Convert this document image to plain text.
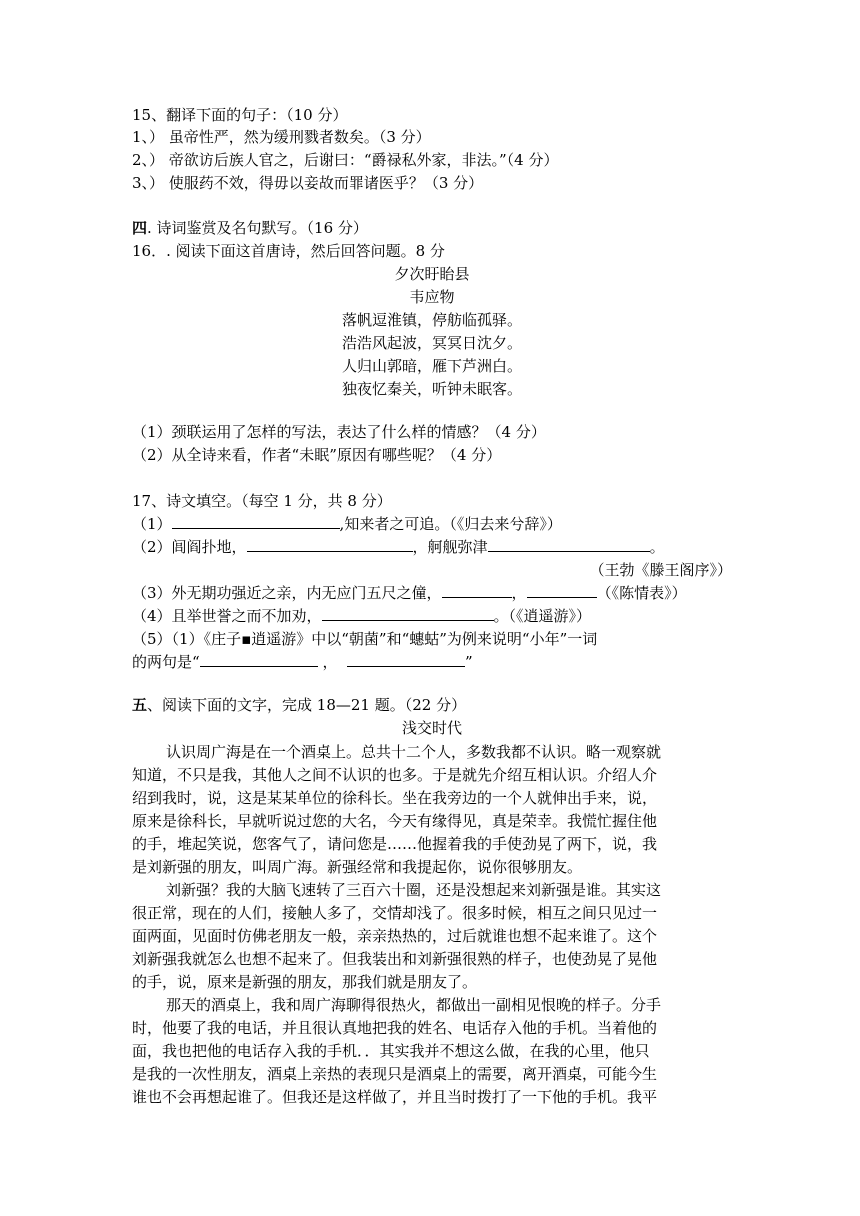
15、翻译下面的句子：（10 分）
1、） 虽帝性严，然为缓刑戮者数矣。（3 分）
2、） 帝欲访后族人官之，后谢曰：“爵禄私外家，非法。”（4 分）
3、） 使服药不效，得毋以妾故而罪诸医乎？（3 分）
四. 诗词鉴赏及名句默写。（16 分）
16．. 阅读下面这首唐诗，然后回答问题。8 分
夕次盱眙县
韦应物
落帆逗淮镇，停舫临孤驿。
浩浩风起波，冥冥日沈夕。
人归山郭暗，雁下芦洲白。
独夜忆秦关，听钟未眠客。
（1）颈联运用了怎样的写法，表达了什么样的情感？（4 分）
（2）从全诗来看，作者“未眠”原因有哪些呢？（4 分）
17、诗文填空。（每空 1 分，共 8 分）
（1）	,知来者之可追。（《归去来兮辞》）
（2）闾阎扑地，	，舸舰弥津	。
（王勃《滕王阁序》）
（3）外无期功强近之亲，内无应门五尺之僮，	，	（《陈情表》）
（4）且举世誉之而不加劝，	。（《逍遥游》）
（5）（1）《庄子▪逍遥游》中以“朝菌”和“蟪蛄”为例来说明“小年”一词
的两句是“	，	”
五、阅读下面的文字，完成 18—21 题。（22 分）
浅交时代
认识周广海是在一个酒桌上。总共十二个人，多数我都不认识。略一观察就
知道，不只是我，其他人之间不认识的也多。于是就先介绍互相认识。介绍人介
绍到我时，说，这是某某单位的徐科长。坐在我旁边的一个人就伸出手来，说，
原来是徐科长，早就听说过您的大名，今天有缘得见，真是荣幸。我慌忙握住他
的手，堆起笑说，您客气了，请问您是……他握着我的手使劲晃了两下，说，我
是刘新强的朋友，叫周广海。新强经常和我提起你，说你很够朋友。
刘新强？我的大脑飞速转了三百六十圈，还是没想起来刘新强是谁。其实这
很正常，现在的人们，接触人多了，交情却浅了。很多时候，相互之间只见过一
面两面，见面时仿佛老朋友一般，亲亲热热的，过后就谁也想不起来谁了。这个
刘新强我就怎么也想不起来了。但我装出和刘新强很熟的样子，也使劲晃了晃他
的手，说，原来是新强的朋友，那我们就是朋友了。
那天的酒桌上，我和周广海聊得很热火，都做出一副相见恨晚的样子。分手
时，他要了我的电话，并且很认真地把我的姓名、电话存入他的手机。当着他的
面，我也把他的电话存入我的手机．．其实我并不想这么做，在我的心里，他只
是我的一次性朋友，酒桌上亲热的表现只是酒桌上的需要，离开酒桌，可能今生
谁也不会再想起谁了。但我还是这样做了，并且当时拨打了一下他的手机。我平
